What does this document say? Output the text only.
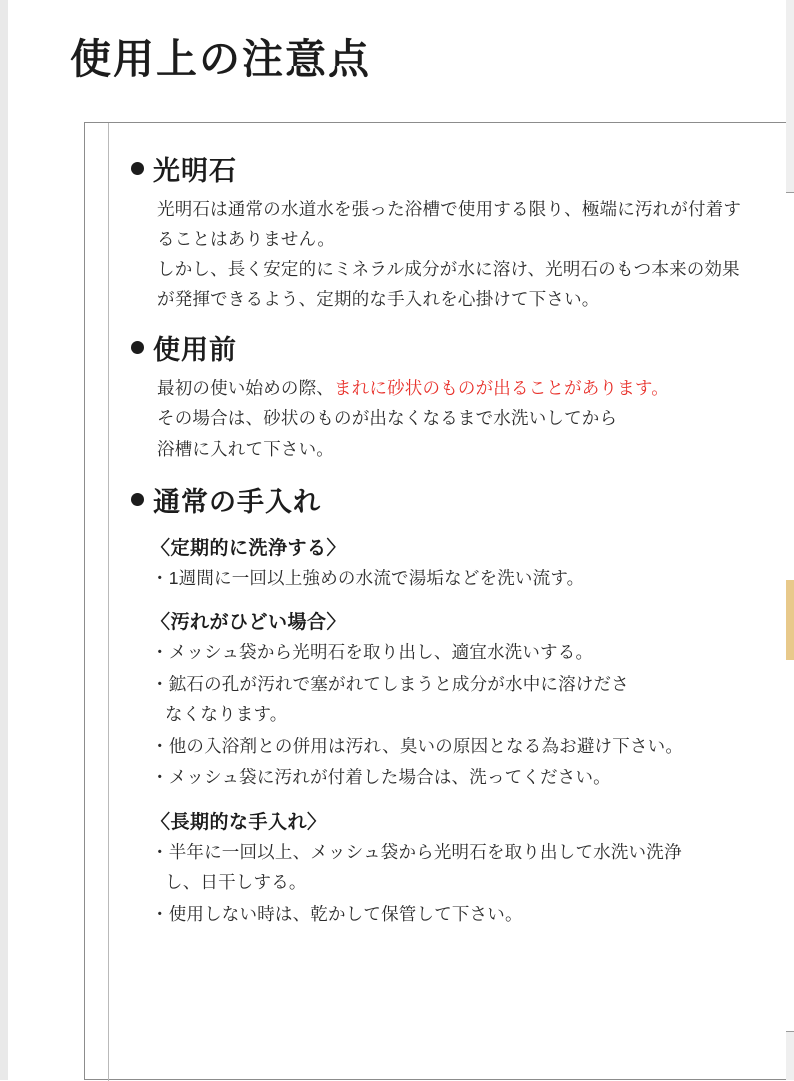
使用上の注意点
光明石

光明石は通常の水道水を張った浴槽で使用する限り、極端に汚れが付着することはありません。

しかし、長く安定的にミネラル成分が水に溶け、光明石のもつ本来の効果が発揮できるよう、定期的な手入れを心掛けて下さい。

使用前

最初の使い始めの際、まれに砂状のものが出ることがあります。

その場合は、砂状のものが出なくなるまで水洗いしてから

浴槽に入れて下さい。

通常の手入れ
〈定期的に洗浄する〉
・1週間に一回以上強めの水流で湯垢などを洗い流す。
〈汚れがひどい場合〉
・メッシュ袋から光明石を取り出し、適宜水洗いする。
・鉱石の孔が汚れで塞がれてしまうと成分が水中に溶けださ
なくなります。
・他の入浴剤との併用は汚れ、臭いの原因となる為お避け下さい。
・メッシュ袋に汚れが付着した場合は、洗ってください。
〈長期的な手入れ〉
・半年に一回以上、メッシュ袋から光明石を取り出して水洗い洗浄
し、日干しする。
・使用しない時は、乾かして保管して下さい。
